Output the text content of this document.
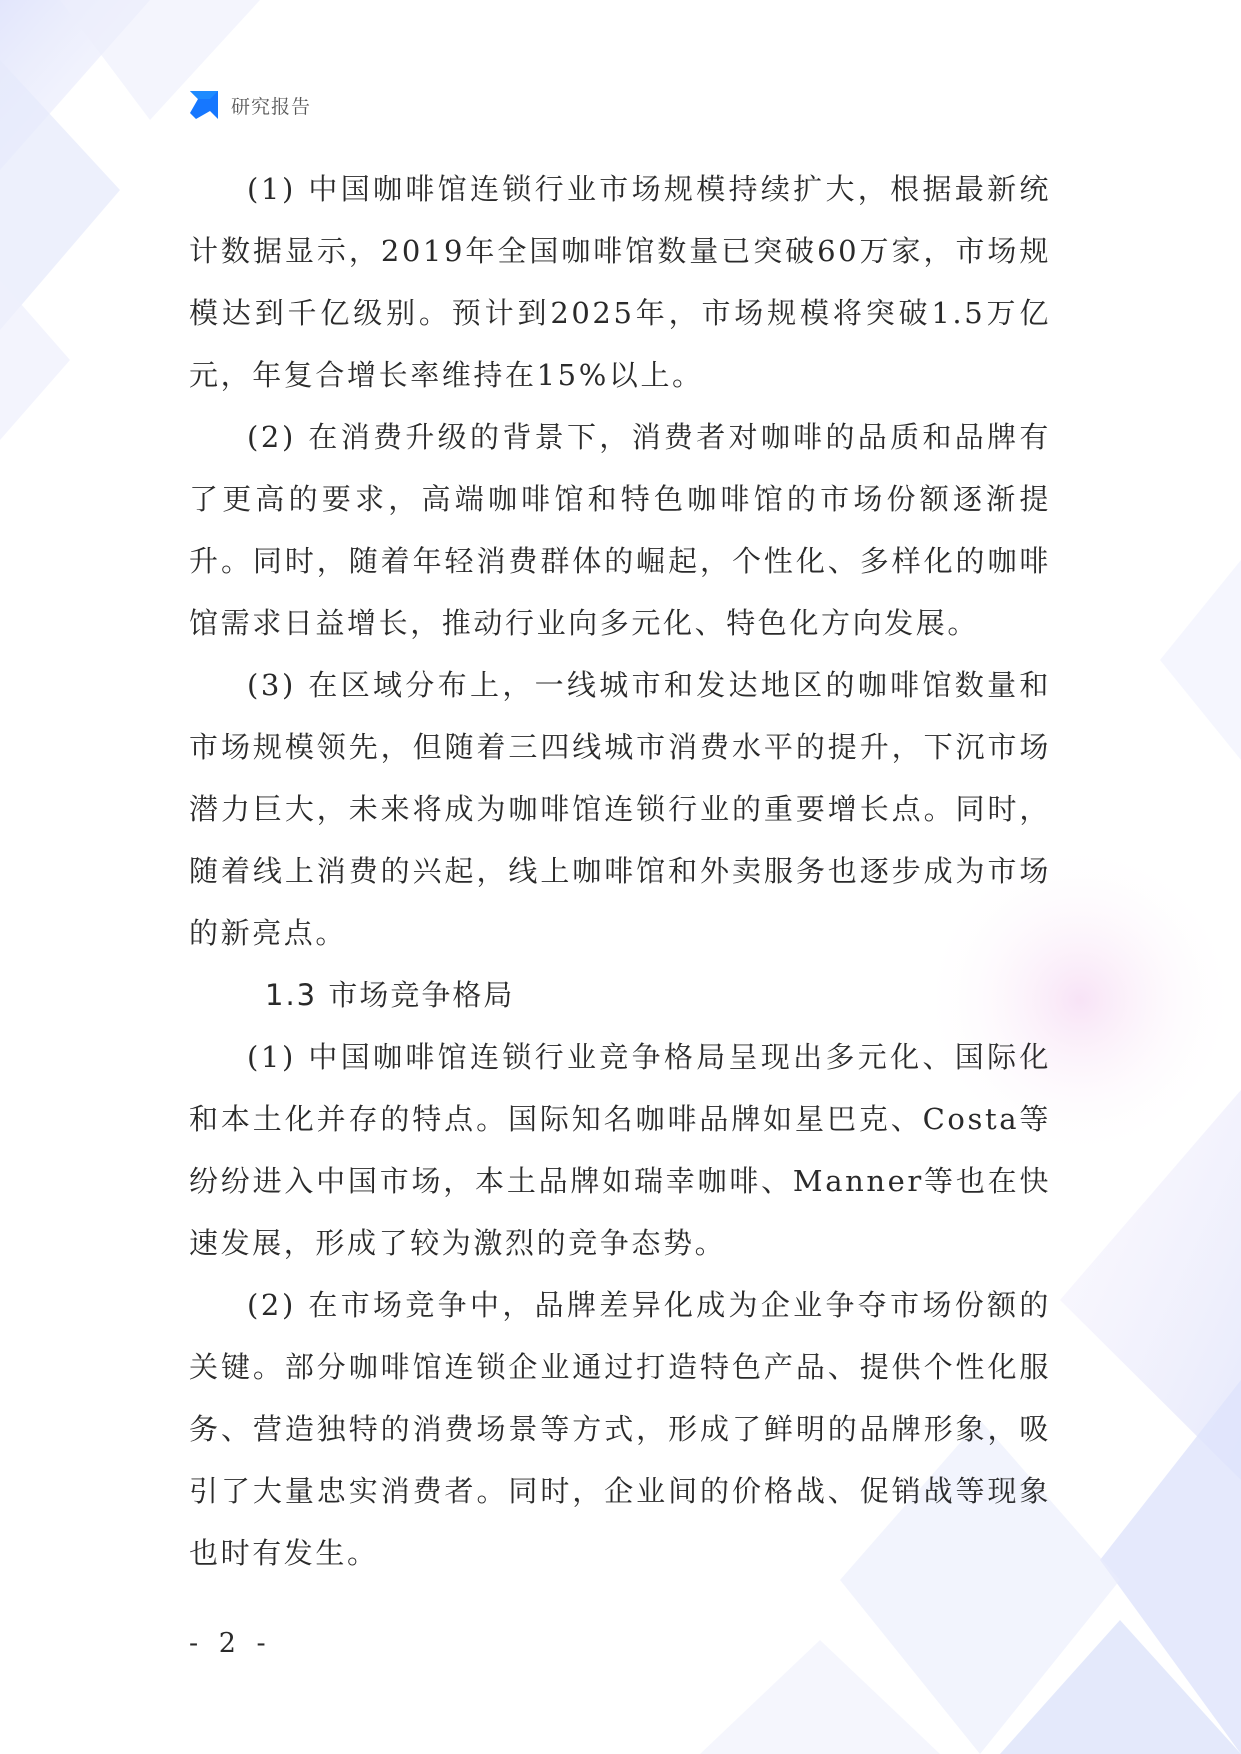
研究报告

(1) 中国咖啡馆连锁行业市场规模持续扩大，根据最新统计数据显示，2019年全国咖啡馆数量已突破60万家，市场规模达到千亿级别。预计到2025年，市场规模将突破1.5万亿元，年复合增长率维持在15%以上。

(2) 在消费升级的背景下，消费者对咖啡的品质和品牌有了更高的要求，高端咖啡馆和特色咖啡馆的市场份额逐渐提升。同时，随着年轻消费群体的崛起，个性化、多样化的咖啡馆需求日益增长，推动行业向多元化、特色化方向发展。

(3) 在区域分布上，一线城市和发达地区的咖啡馆数量和市场规模领先，但随着三四线城市消费水平的提升，下沉市场潜力巨大，未来将成为咖啡馆连锁行业的重要增长点。同时，随着线上消费的兴起，线上咖啡馆和外卖服务也逐步成为市场的新亮点。

1.3 市场竞争格局

(1) 中国咖啡馆连锁行业竞争格局呈现出多元化、国际化和本土化并存的特点。国际知名咖啡品牌如星巴克、Costa等纷纷进入中国市场，本土品牌如瑞幸咖啡、Manner等也在快速发展，形成了较为激烈的竞争态势。

(2) 在市场竞争中，品牌差异化成为企业争夺市场份额的关键。部分咖啡馆连锁企业通过打造特色产品、提供个性化服务、营造独特的消费场景等方式，形成了鲜明的品牌形象，吸引了大量忠实消费者。同时，企业间的价格战、促销战等现象也时有发生。

- 2 -
